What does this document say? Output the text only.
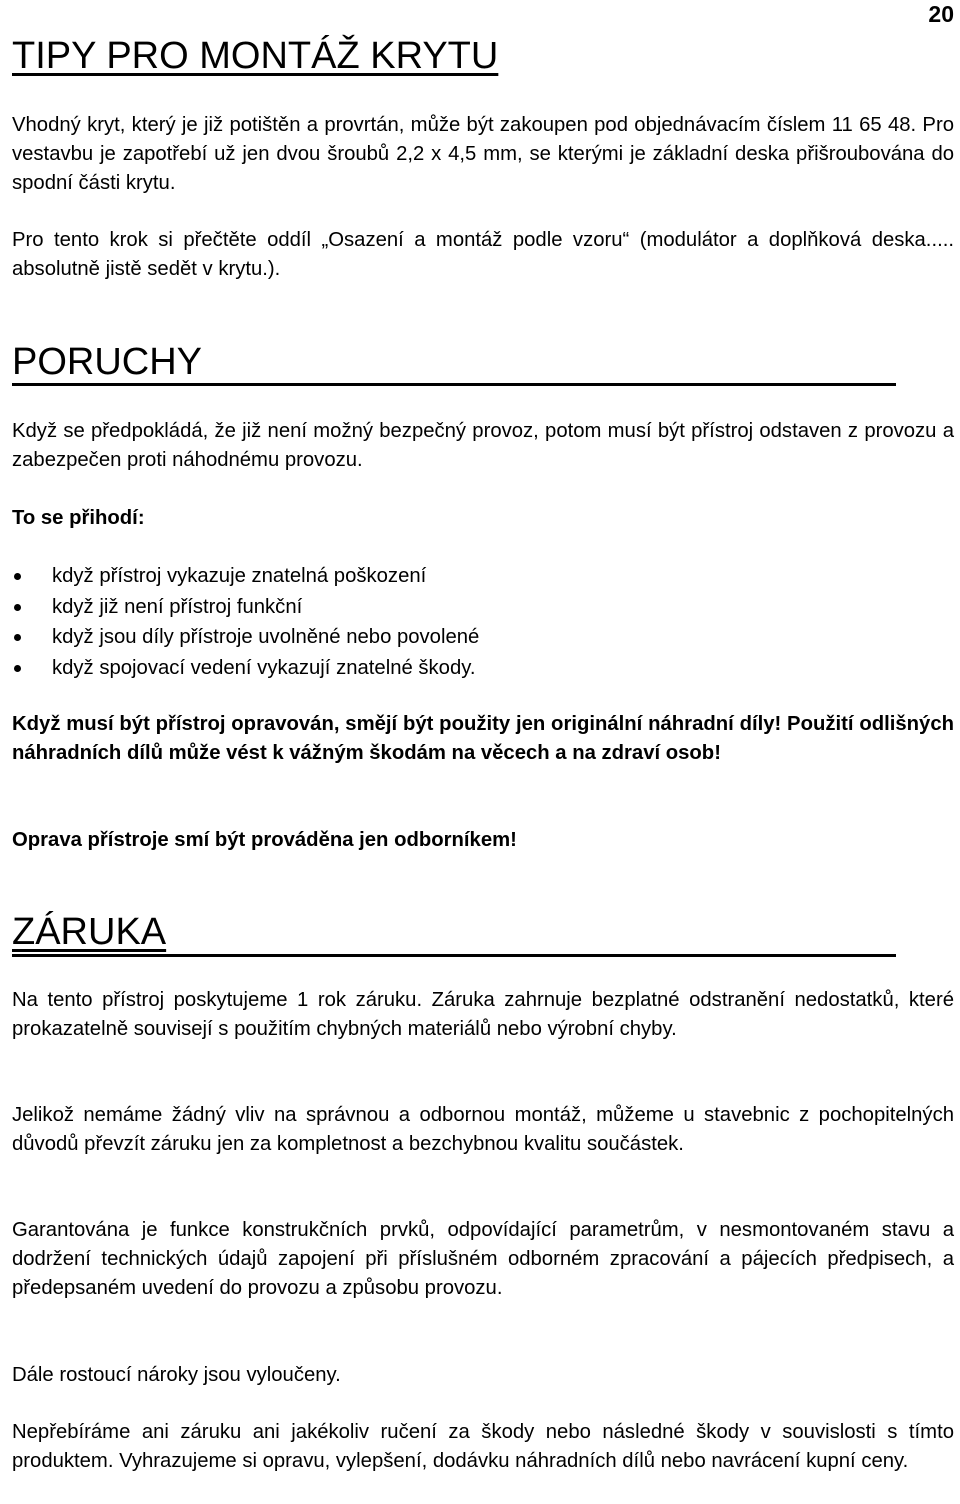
20
TIPY PRO MONTÁŽ KRYTU

Vhodný kryt, který je již potištěn a provrtán, může být zakoupen pod objednávacím číslem 11 65 48. Pro vestavbu je zapotřebí už jen dvou šroubů 2,2 x 4,5 mm, se kterými je základní deska přišroubována do spodní části krytu.

Pro tento krok si přečtěte oddíl „Osazení a montáž podle vzoru“ (modulátor a doplňková deska..... absolutně jistě sedět v krytu.).

PORUCHY

Když se předpokládá, že již není možný bezpečný provoz, potom musí být přístroj odstaven z provozu a zabezpečen proti náhodnému provozu.

To se přihodí:

když přístroj vykazuje znatelná poškození
když již není přístroj funkční
když jsou díly přístroje uvolněné nebo povolené
když spojovací vedení vykazují znatelné škody.

Když musí být přístroj opravován, smějí být použity jen originální náhradní díly! Použití odlišných náhradních dílů může vést k vážným škodám na věcech a na zdraví osob!

Oprava přístroje smí být prováděna jen odborníkem!

ZÁRUKA

Na tento přístroj poskytujeme 1 rok záruku. Záruka zahrnuje bezplatné odstranění nedostatků, které prokazatelně souvisejí s použitím chybných materiálů nebo výrobní chyby.

Jelikož nemáme žádný vliv na správnou a odbornou montáž, můžeme u stavebnic z pochopitelných důvodů převzít záruku jen za kompletnost a bezchybnou kvalitu součástek.

Garantována je funkce konstrukčních prvků, odpovídající parametrům, v nesmontovaném stavu a dodržení technických údajů zapojení při příslušném odborném zpracování a pájecích předpisech, a předepsaném uvedení do provozu a způsobu provozu.

Dále rostoucí nároky jsou vyloučeny.

Nepřebíráme ani záruku ani jakékoliv ručení za škody nebo následné škody v souvislosti s tímto produktem. Vyhrazujeme si opravu, vylepšení, dodávku náhradních dílů nebo navrácení kupní ceny.
